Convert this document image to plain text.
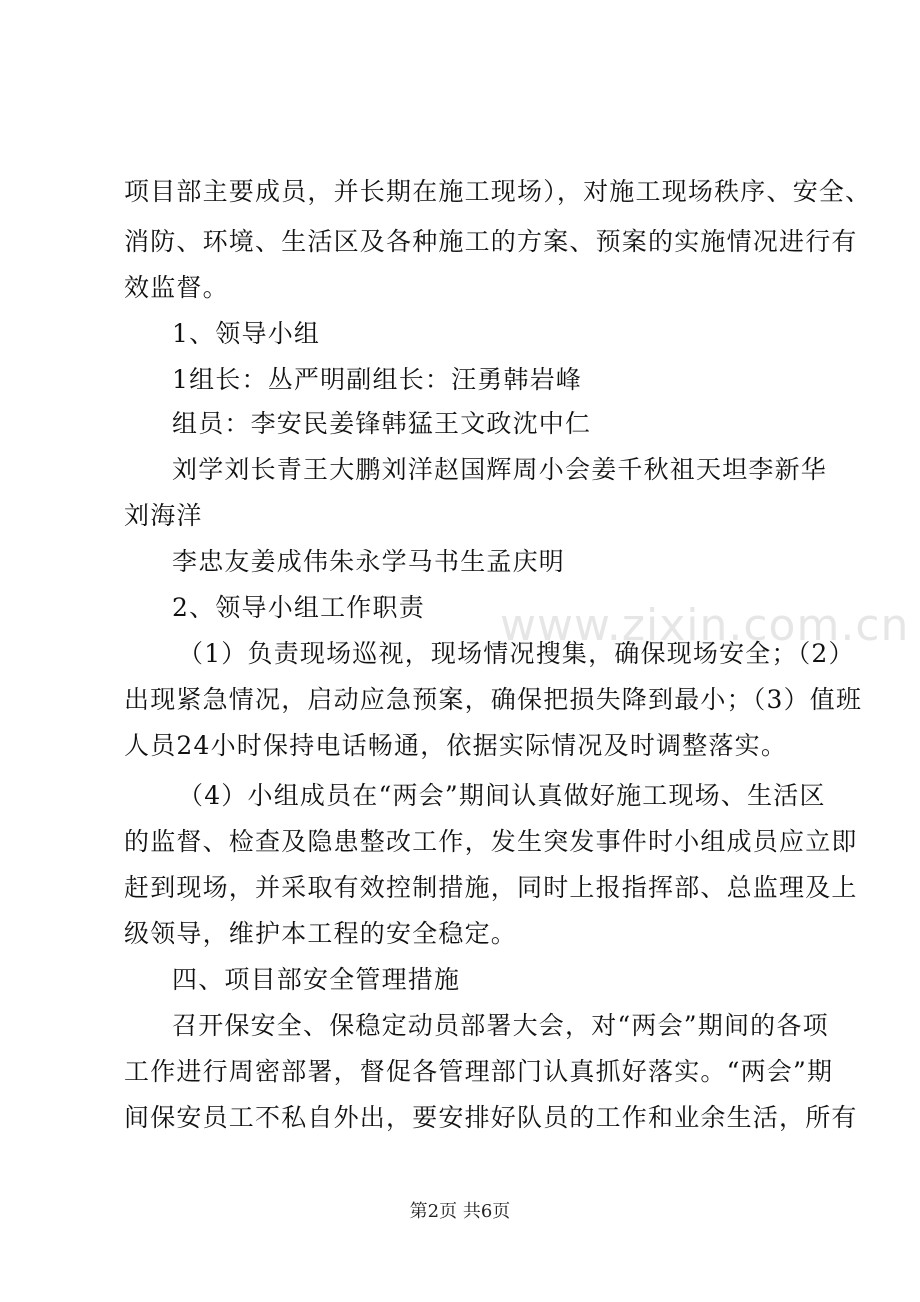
www.zixin.com.cn
项目部主要成员，并长期在施工现场），对施工现场秩序、安全、
消防、环境、生活区及各种施工的方案、预案的实施情况进行有
效监督。
1、领导小组
1组长：丛严明副组长：汪勇韩岩峰
组员：李安民姜锋韩猛王文政沈中仁
刘学刘长青王大鹏刘洋赵国辉周小会姜千秋祖天坦李新华
刘海洋
李忠友姜成伟朱永学马书生孟庆明
2、领导小组工作职责
（1）负责现场巡视，现场情况搜集，确保现场安全；（2）
出现紧急情况，启动应急预案，确保把损失降到最小；（3）值班
人员24小时保持电话畅通，依据实际情况及时调整落实。
（4）小组成员在“两会”期间认真做好施工现场、生活区
的监督、检查及隐患整改工作，发生突发事件时小组成员应立即
赶到现场，并采取有效控制措施，同时上报指挥部、总监理及上
级领导，维护本工程的安全稳定。
四、项目部安全管理措施
召开保安全、保稳定动员部署大会，对“两会”期间的各项
工作进行周密部署，督促各管理部门认真抓好落实。“两会”期
间保安员工不私自外出，要安排好队员的工作和业余生活，所有
第2页 共6页
